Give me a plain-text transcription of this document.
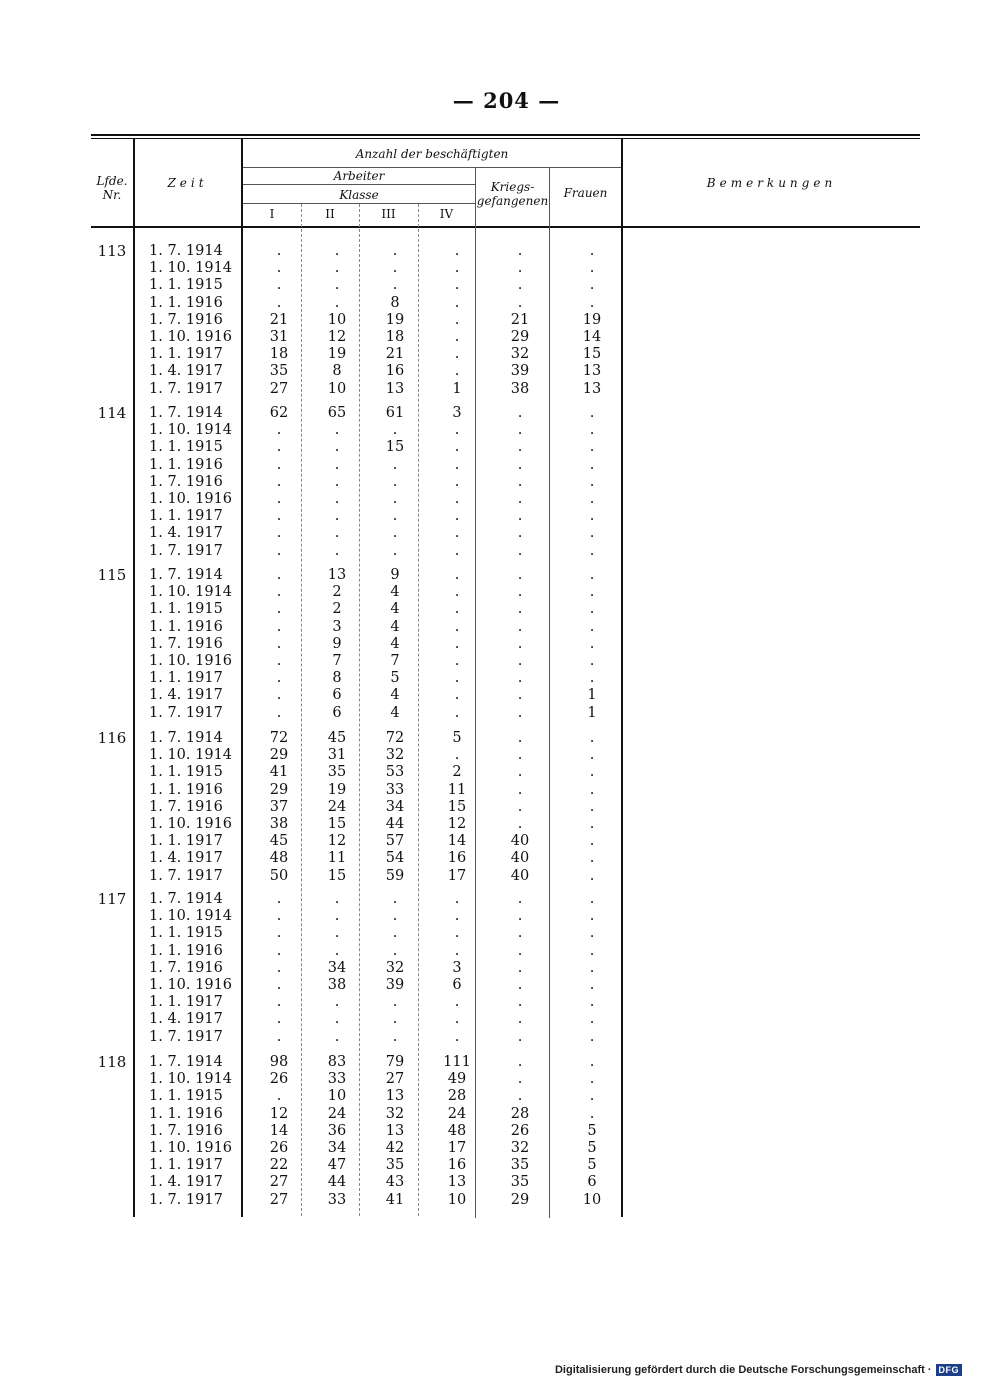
— 204 —
Lfde.
Nr.
Zeit
Anzahl der beschäftigten
Arbeiter
Klasse
I	II	III	IV
Kriegs-
gefangenen
Frauen
Bemerkungen
113	1. 7. 1914	.	.	.	.	.	.
1. 10. 1914	.	.	.	.	.	.
1. 1. 1915	.	.	.	.	.	.
1. 1. 1916	.	.	8	.	.	.
1. 7. 1916	21	10	19	.	21	19
1. 10. 1916	31	12	18	.	29	14
1. 1. 1917	18	19	21	.	32	15
1. 4. 1917	35	8	16	.	39	13
1. 7. 1917	27	10	13	1	38	13
114	1. 7. 1914	62	65	61	3	.	.
1. 10. 1914	.	.	.	.	.	.
1. 1. 1915	.	.	15	.	.	.
1. 1. 1916	.	.	.	.	.	.
1. 7. 1916	.	.	.	.	.	.
1. 10. 1916	.	.	.	.	.	.
1. 1. 1917	.	.	.	.	.	.
1. 4. 1917	.	.	.	.	.	.
1. 7. 1917	.	.	.	.	.	.
115	1. 7. 1914	.	13	9	.	.	.
1. 10. 1914	.	2	4	.	.	.
1. 1. 1915	.	2	4	.	.	.
1. 1. 1916	.	3	4	.	.	.
1. 7. 1916	.	9	4	.	.	.
1. 10. 1916	.	7	7	.	.	.
1. 1. 1917	.	8	5	.	.	.
1. 4. 1917	.	6	4	.	.	1
1. 7. 1917	.	6	4	.	.	1
116	1. 7. 1914	72	45	72	5	.	.
1. 10. 1914	29	31	32	.	.	.
1. 1. 1915	41	35	53	2	.	.
1. 1. 1916	29	19	33	11	.	.
1. 7. 1916	37	24	34	15	.	.
1. 10. 1916	38	15	44	12	.	.
1. 1. 1917	45	12	57	14	40	.
1. 4. 1917	48	11	54	16	40	.
1. 7. 1917	50	15	59	17	40	.
117	1. 7. 1914	.	.	.	.	.	.
1. 10. 1914	.	.	.	.	.	.
1. 1. 1915	.	.	.	.	.	.
1. 1. 1916	.	.	.	.	.	.
1. 7. 1916	.	34	32	3	.	.
1. 10. 1916	.	38	39	6	.	.
1. 1. 1917	.	.	.	.	.	.
1. 4. 1917	.	.	.	.	.	.
1. 7. 1917	.	.	.	.	.	.
118	1. 7. 1914	98	83	79	111	.	.
1. 10. 1914	26	33	27	49	.	.
1. 1. 1915	.	10	13	28	.	.
1. 1. 1916	12	24	32	24	28	.
1. 7. 1916	14	36	13	48	26	5
1. 10. 1916	26	34	42	17	32	5
1. 1. 1917	22	47	35	16	35	5
1. 4. 1917	27	44	43	13	35	6
1. 7. 1917	27	33	41	10	29	10
Digitalisierung gefördert durch die Deutsche Forschungsgemeinschaft · DFG
